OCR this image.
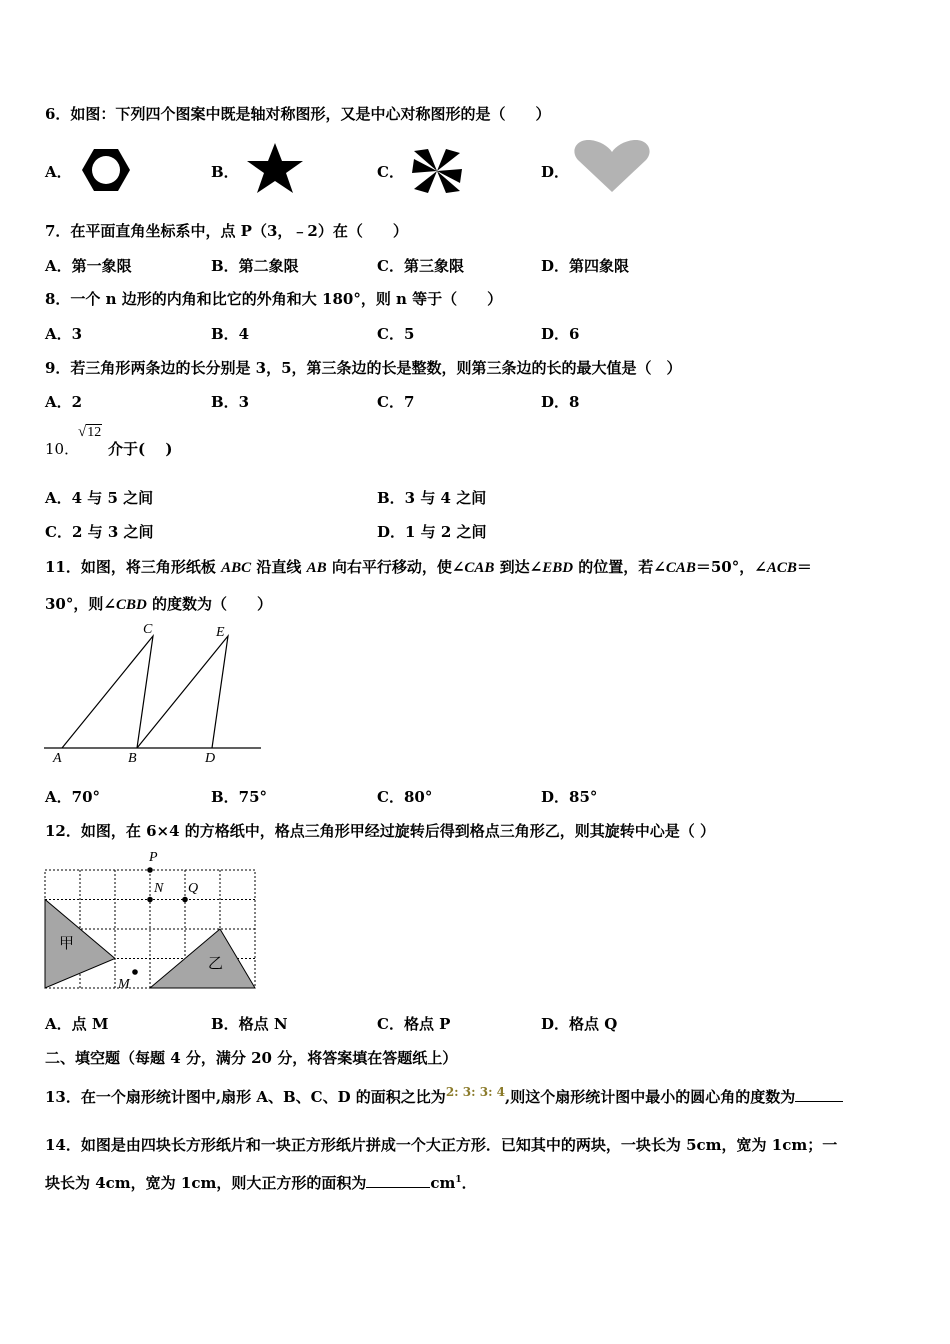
6．如图：下列四个图案中既是轴对称图形，又是中心对称图形的是（　　）
A．	B．	C．	D．
7．在平面直角坐标系中，点 P（3，﹣2）在（　　）
A．第一象限	B．第二象限	C．第三象限	D．第四象限
8．一个 n 边形的内角和比它的外角和大 180°，则 n 等于（　　）
A．3	B．4	C．5	D．6
9．若三角形两条边的长分别是 3，5，第三条边的长是整数，则第三条边的长的最大值是（　）
A．2	B．3	C．7	D．8
10．
√12
介于(　 )
A．4 与 5 之间	B．3 与 4 之间
C．2 与 3 之间	D．1 与 2 之间
11．如图，将三角形纸板 ABC 沿直线 AB 向右平行移动，使∠CAB 到达∠EBD 的位置，若∠CAB＝50°，∠ACB＝
30°，则∠CBD 的度数为（　　）
C	E
A	B	D
A．70°	B．75°	C．80°	D．85°
12．如图，在 6×4 的方格纸中，格点三角形甲经过旋转后得到格点三角形乙，则其旋转中心是（ ）
P
N Q
M
甲
乙
A．点 M	B．格点 N	C．格点 P	D．格点 Q
二、填空题（每题 4 分，满分 20 分，将答案填在答题纸上）
13．在一个扇形统计图中,扇形 A、B、C、D 的面积之比为$^{2: 3: 3: 4}$,则这个扇形统计图中最小的圆心角的度数为
14．如图是由四块长方形纸片和一块正方形纸片拼成一个大正方形．已知其中的两块，一块长为 5cm，宽为 1cm；一
块长为 4cm，宽为 1cm，则大正方形的面积为	$cm^1$．
